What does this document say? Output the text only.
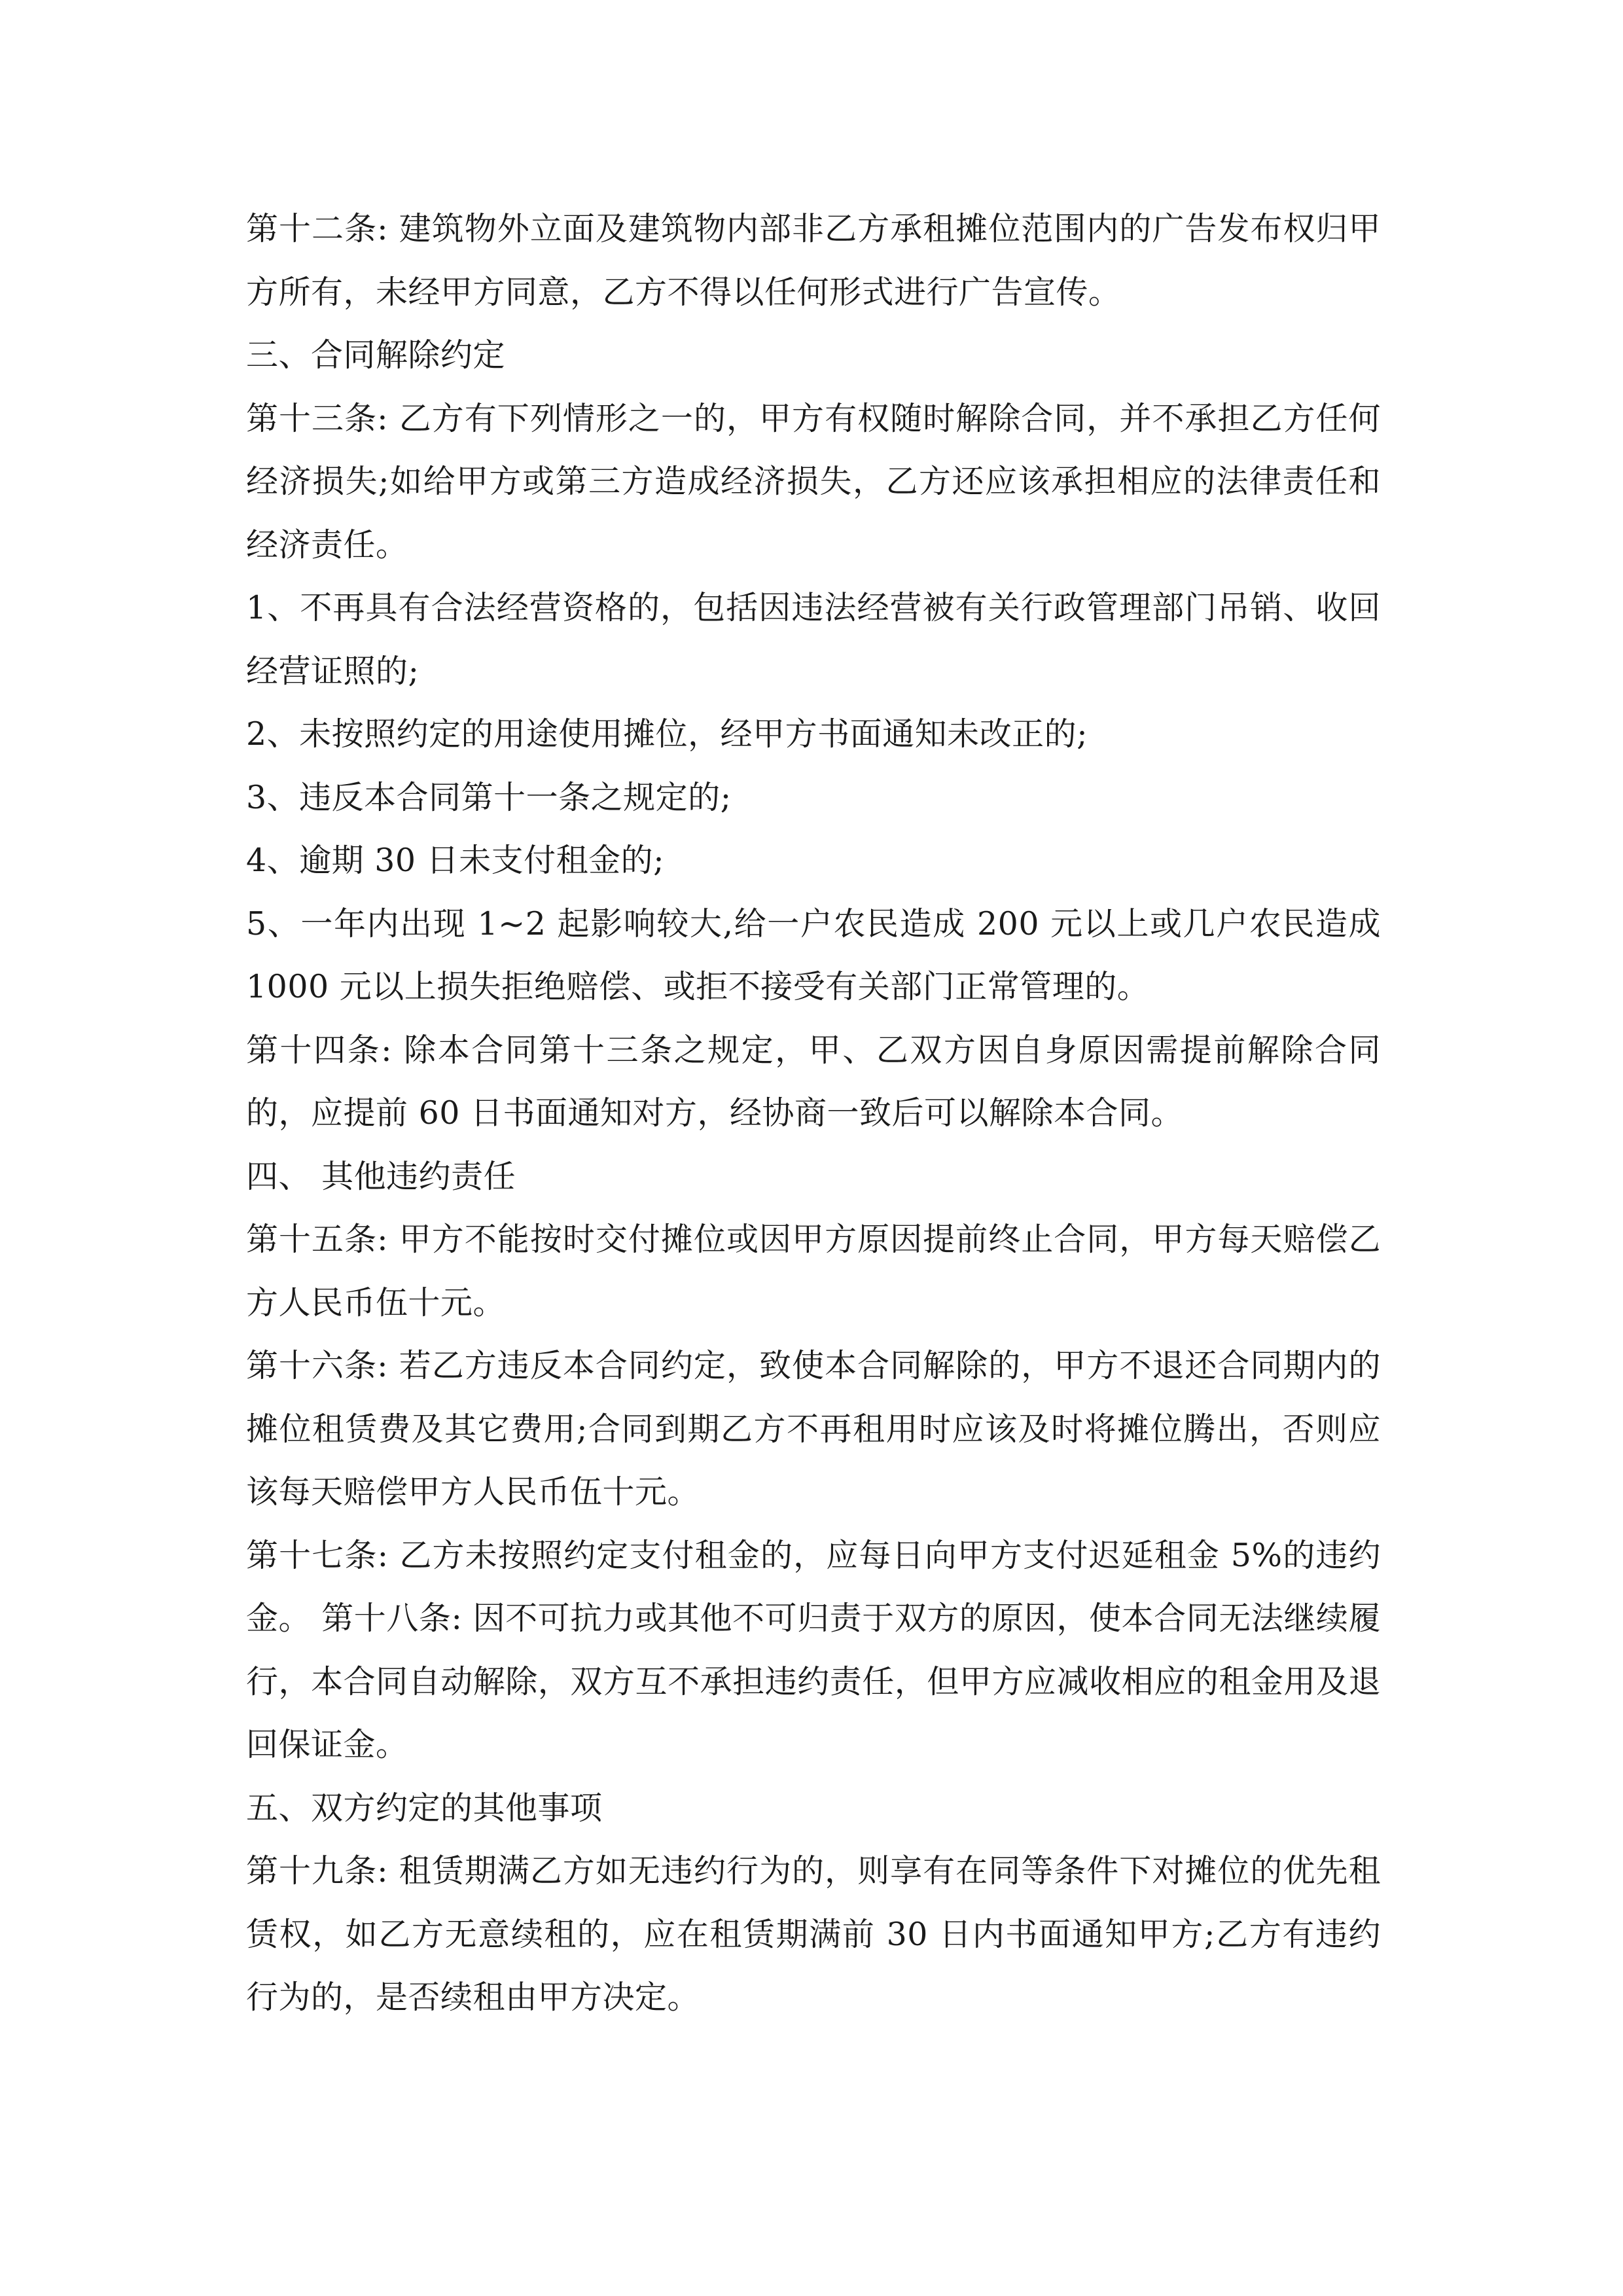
第十二条: 建筑物外立面及建筑物内部非乙方承租摊位范围内的广告发布权归甲方所有，未经甲方同意，乙方不得以任何形式进行广告宣传。

三、合同解除约定

第十三条: 乙方有下列情形之一的，甲方有权随时解除合同，并不承担乙方任何经济损失;如给甲方或第三方造成经济损失，乙方还应该承担相应的法律责任和经济责任。

1、不再具有合法经营资格的，包括因违法经营被有关行政管理部门吊销、收回经营证照的;

2、未按照约定的用途使用摊位，经甲方书面通知未改正的;

3、违反本合同第十一条之规定的;

4、逾期 30 日未支付租金的;

5、一年内出现 1~2 起影响较大,给一户农民造成 200 元以上或几户农民造成 1000 元以上损失拒绝赔偿、或拒不接受有关部门正常管理的。

第十四条: 除本合同第十三条之规定，甲、乙双方因自身原因需提前解除合同的，应提前 60 日书面通知对方，经协商一致后可以解除本合同。

四、 其他违约责任

第十五条: 甲方不能按时交付摊位或因甲方原因提前终止合同，甲方每天赔偿乙方人民币伍十元。

第十六条: 若乙方违反本合同约定，致使本合同解除的，甲方不退还合同期内的摊位租赁费及其它费用;合同到期乙方不再租用时应该及时将摊位腾出，否则应该每天赔偿甲方人民币伍十元。

第十七条: 乙方未按照约定支付租金的，应每日向甲方支付迟延租金 5%的违约金。 第十八条: 因不可抗力或其他不可归责于双方的原因，使本合同无法继续履行，本合同自动解除，双方互不承担违约责任，但甲方应减收相应的租金用及退回保证金。

五、双方约定的其他事项

第十九条: 租赁期满乙方如无违约行为的，则享有在同等条件下对摊位的优先租赁权，如乙方无意续租的，应在租赁期满前 30 日内书面通知甲方;乙方有违约行为的，是否续租由甲方决定。
